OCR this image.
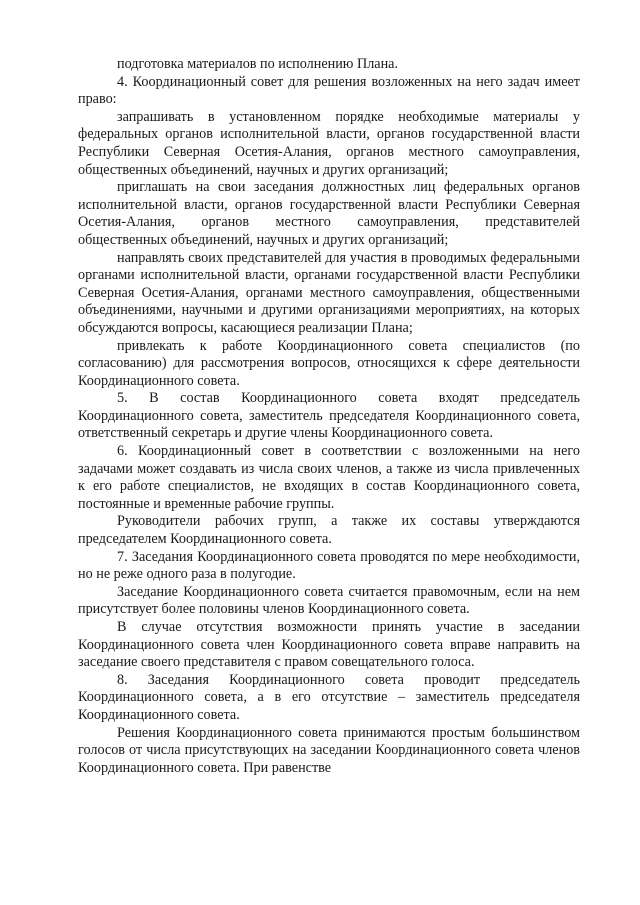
подготовка материалов по исполнению Плана.

4. Координационный совет для решения возложенных на него задач имеет право:

запрашивать в установленном порядке необходимые материалы у федеральных органов исполнительной власти, органов государственной власти Республики Северная Осетия-Алания, органов местного самоуправления, общественных объединений, научных и других организаций;

приглашать на свои заседания должностных лиц федеральных органов исполнительной власти, органов государственной власти Республики Северная Осетия-Алания, органов местного самоуправления, представителей общественных объединений, научных и других организаций;

направлять своих представителей для участия в проводимых федеральными органами исполнительной власти, органами государственной власти Республики Северная Осетия-Алания, органами местного самоуправления, общественными объединениями, научными и другими организациями мероприятиях, на которых обсуждаются вопросы, касающиеся реализации Плана;

привлекать к работе Координационного совета специалистов (по согласованию) для рассмотрения вопросов, относящихся к сфере деятельности Координационного совета.

5. В состав Координационного совета входят председатель Координационного совета, заместитель председателя Координационного совета, ответственный секретарь и другие члены Координационного совета.

6. Координационный совет в соответствии с возложенными на него задачами может создавать из числа своих членов, а также из числа привлеченных к его работе специалистов, не входящих в состав Координационного совета, постоянные и временные рабочие группы.

Руководители рабочих групп, а также их составы утверждаются председателем Координационного совета.

7. Заседания Координационного совета проводятся по мере необходимости, но не реже одного раза в полугодие.

Заседание Координационного совета считается правомочным, если на нем присутствует более половины членов Координационного совета.

В случае отсутствия возможности принять участие в заседании Координационного совета член Координационного совета вправе направить на заседание своего представителя с правом совещательного голоса.

8. Заседания Координационного совета проводит председатель Координационного совета, а в его отсутствие – заместитель председателя Координационного совета.

Решения Координационного совета принимаются простым большинством голосов от числа присутствующих на заседании Координационного совета членов Координационного совета. При равенстве
